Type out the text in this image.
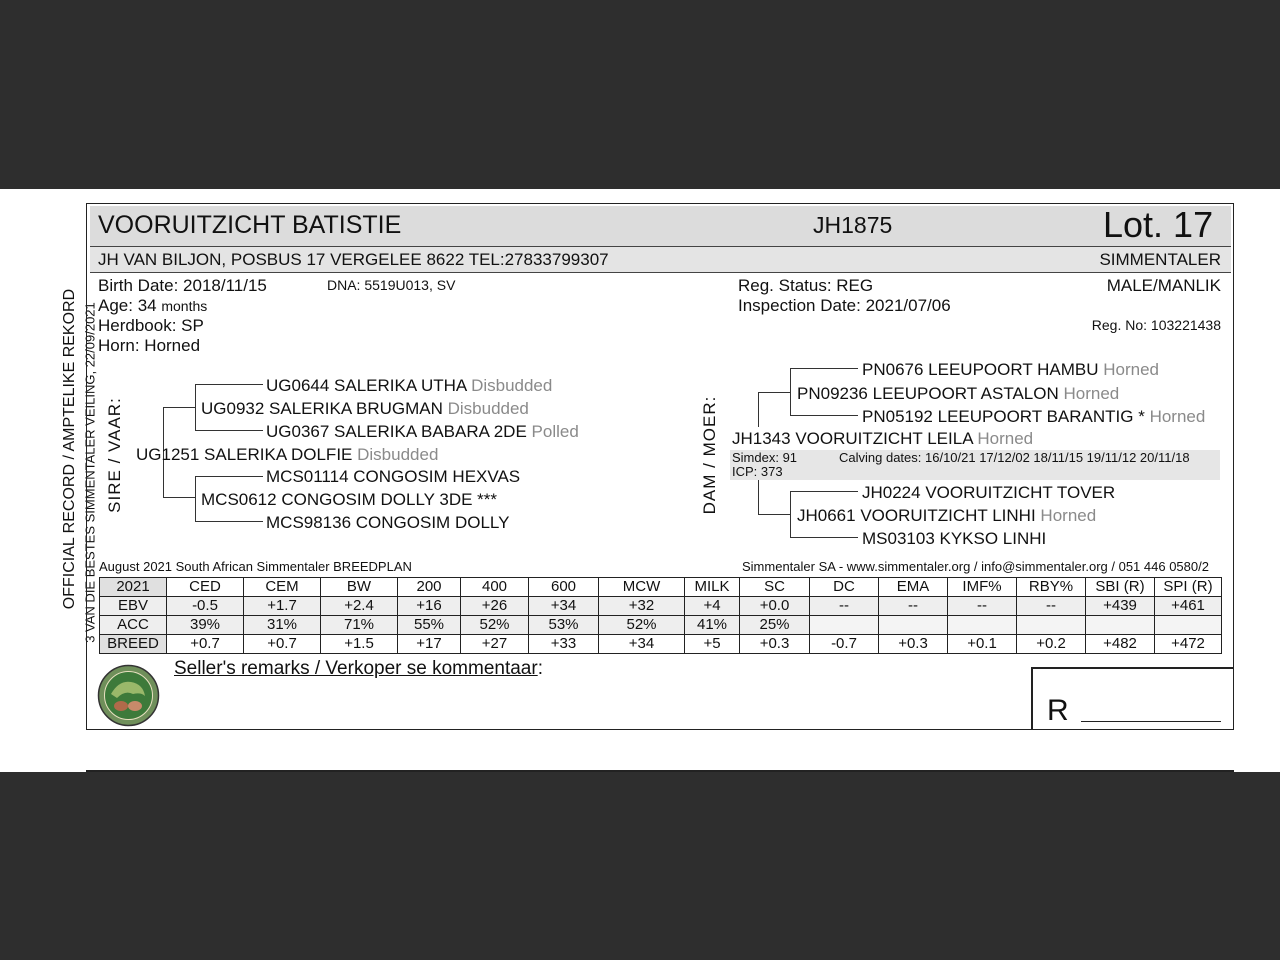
OFFICIAL RECORD / AMPTELIKE REKORD 3 VAN DIE BESTES SIMMENTALER VEILING, 22/09/2021
VOORUITZICHT BATISTIE	JH1875	Lot. 17
JH VAN BILJON, POSBUS 17 VERGELEE 8622 TEL:27833799307	SIMMENTALER
Birth Date: 2018/11/15	DNA: 5519U013, SV
Age: 34 months
Herdbook: SP
Horn: Horned
Reg. Status: REG
Inspection Date: 2021/07/06
MALE/MANLIK
Reg. No: 103221438
SIRE / VAAR:
UG0644 SALERIKA UTHA Disbudded
UG0932 SALERIKA BRUGMAN Disbudded
UG0367 SALERIKA BABARA 2DE Polled
UG1251 SALERIKA DOLFIE Disbudded
MCS01114 CONGOSIM HEXVAS
MCS0612 CONGOSIM DOLLY 3DE ***
MCS98136 CONGOSIM DOLLY
DAM / MOER:
PN0676 LEEUPOORT HAMBU Horned
PN09236 LEEUPOORT ASTALON Horned
PN05192 LEEUPOORT BARANTIG * Horned
JH1343 VOORUITZICHT LEILA Horned
Simdex: 91	Calving dates: 16/10/21 17/12/02 18/11/15 19/11/12 20/11/18
ICP: 373
JH0224 VOORUITZICHT TOVER
JH0661 VOORUITZICHT LINHI Horned
MS03103 KYKSO LINHI
August 2021 South African Simmentaler BREEDPLAN	Simmentaler SA - www.simmentaler.org / info@simmentaler.org / 051 446 0580/2
2021	CED	CEM	BW	200	400	600	MCW	MILK	SC	DC	EMA	IMF%	RBY%	SBI (R)	SPI (R)
EBV	-0.5	+1.7	+2.4	+16	+26	+34	+32	+4	+0.0	--	--	--	--	+439	+461
ACC	39%	31%	71%	55%	52%	53%	52%	41%	25%						
BREED	+0.7	+0.7	+1.5	+17	+27	+33	+34	+5	+0.3	-0.7	+0.3	+0.1	+0.2	+482	+472
Seller's remarks / Verkoper se kommentaar:
R
